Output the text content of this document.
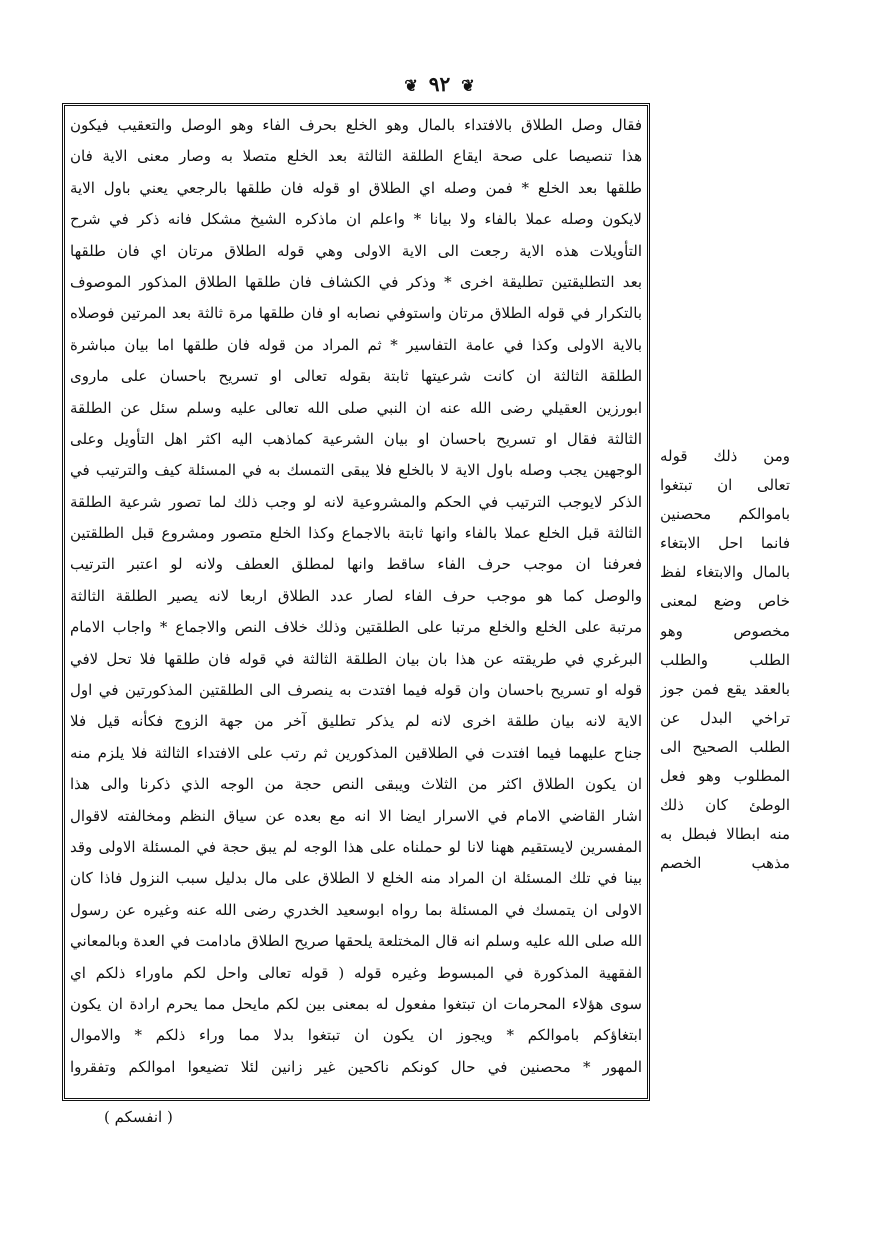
❦ ٩٢ ❦
فقال وصل الطلاق بالافتداء بالمال وهو الخلع بحرف الفاء وهو الوصل والتعقيب فيكون
هذا تنصيصا على صحة ايقاع الطلقة الثالثة بعد الخلع متصلا به وصار معنى الاية فان
طلقها بعد الخلع * فمن وصله اي الطلاق او قوله فان طلقها بالرجعي يعني باول الاية
لايكون وصله عملا بالفاء ولا بيانا * واعلم ان ماذكره الشيخ مشكل فانه ذكر في شرح
التأويلات هذه الاية رجعت الى الاية الاولى وهي قوله الطلاق مرتان اي فان طلقها
بعد التطليقتين تطليقة اخرى * وذكر في الكشاف فان طلقها الطلاق المذكور الموصوف
بالتكرار في قوله الطلاق مرتان واستوفي نصابه او فان طلقها مرة ثالثة بعد المرتين فوصلاه
بالاية الاولى وكذا في عامة التفاسير * ثم المراد من قوله فان طلقها اما بيان مباشرة
الطلقة الثالثة ان كانت شرعيتها ثابتة بقوله تعالى او تسريح باحسان على ماروى
ابورزين العقيلي رضى الله عنه ان النبي صلى الله تعالى عليه وسلم سئل عن الطلقة
الثالثة فقال او تسريح باحسان او بيان الشرعية كماذهب اليه اكثر اهل التأويل وعلى
الوجهين يجب وصله باول الاية لا بالخلع فلا يبقى التمسك به في المسئلة كيف والترتيب في
الذكر لايوجب الترتيب في الحكم والمشروعية لانه لو وجب ذلك لما تصور شرعية الطلقة
الثالثة قبل الخلع عملا بالفاء وانها ثابتة بالاجماع وكذا الخلع متصور ومشروع قبل الطلقتين
فعرفنا ان موجب حرف الفاء ساقط وانها لمطلق العطف ولانه لو اعتبر الترتيب
والوصل كما هو موجب حرف الفاء لصار عدد الطلاق اربعا لانه يصير الطلقة الثالثة
مرتبة على الخلع والخلع مرتبا على الطلقتين وذلك خلاف النص والاجماع * واجاب الامام
البرغري في طريقته عن هذا بان بيان الطلقة الثالثة في قوله فان طلقها فلا تحل لافي
قوله او تسريح باحسان وان قوله فيما افتدت به ينصرف الى الطلقتين المذكورتين في اول
الاية لانه بيان طلقة اخرى لانه لم يذكر تطليق آخر من جهة الزوج فكأنه قيل فلا
جناح عليهما فيما افتدت في الطلاقين المذكورين ثم رتب على الافتداء الثالثة فلا يلزم منه
ان يكون الطلاق اكثر من الثلاث ويبقى النص حجة من الوجه الذي ذكرنا والى هذا
اشار القاضي الامام في الاسرار ايضا الا انه مع بعده عن سياق النظم ومخالفته لاقوال
المفسرين لايستقيم ههنا لانا لو حملناه على هذا الوجه لم يبق حجة في المسئلة الاولى وقد
بينا في تلك المسئلة ان المراد منه الخلع لا الطلاق على مال بدليل سبب النزول فاذا كان
الاولى ان يتمسك في المسئلة بما رواه ابوسعيد الخدري رضى الله عنه وغيره عن رسول
الله صلى الله عليه وسلم انه قال المختلعة يلحقها صريح الطلاق مادامت في العدة وبالمعاني
الفقهية المذكورة في المبسوط وغيره قوله ( قوله تعالى واحل لكم ماوراء ذلكم اي
سوى هؤلاء المحرمات ان تبتغوا مفعول له بمعنى بين لكم مايحل مما يحرم ارادة ان يكون
ابتغاؤكم باموالكم * ويجوز ان يكون ان تبتغوا بدلا مما وراء ذلكم * والاموال
المهور * محصنين في حال كونكم ناكحين غير زانين لئلا تضيعوا اموالكم وتفقروا
ومن ذلك قوله
تعالى ان تبتغوا
باموالكم محصنين
فانما احل الابتغاء
بالمال والابتغاء لفظ
خاص وضع لمعنى
مخصوص وهو
الطلب والطلب
بالعقد يقع فمن جوز
تراخي البدل عن
الطلب الصحيح الى
المطلوب وهو فعل
الوطئ كان ذلك
منه ابطالا فبطل به
مذهب الخصم
( انفسكم )
